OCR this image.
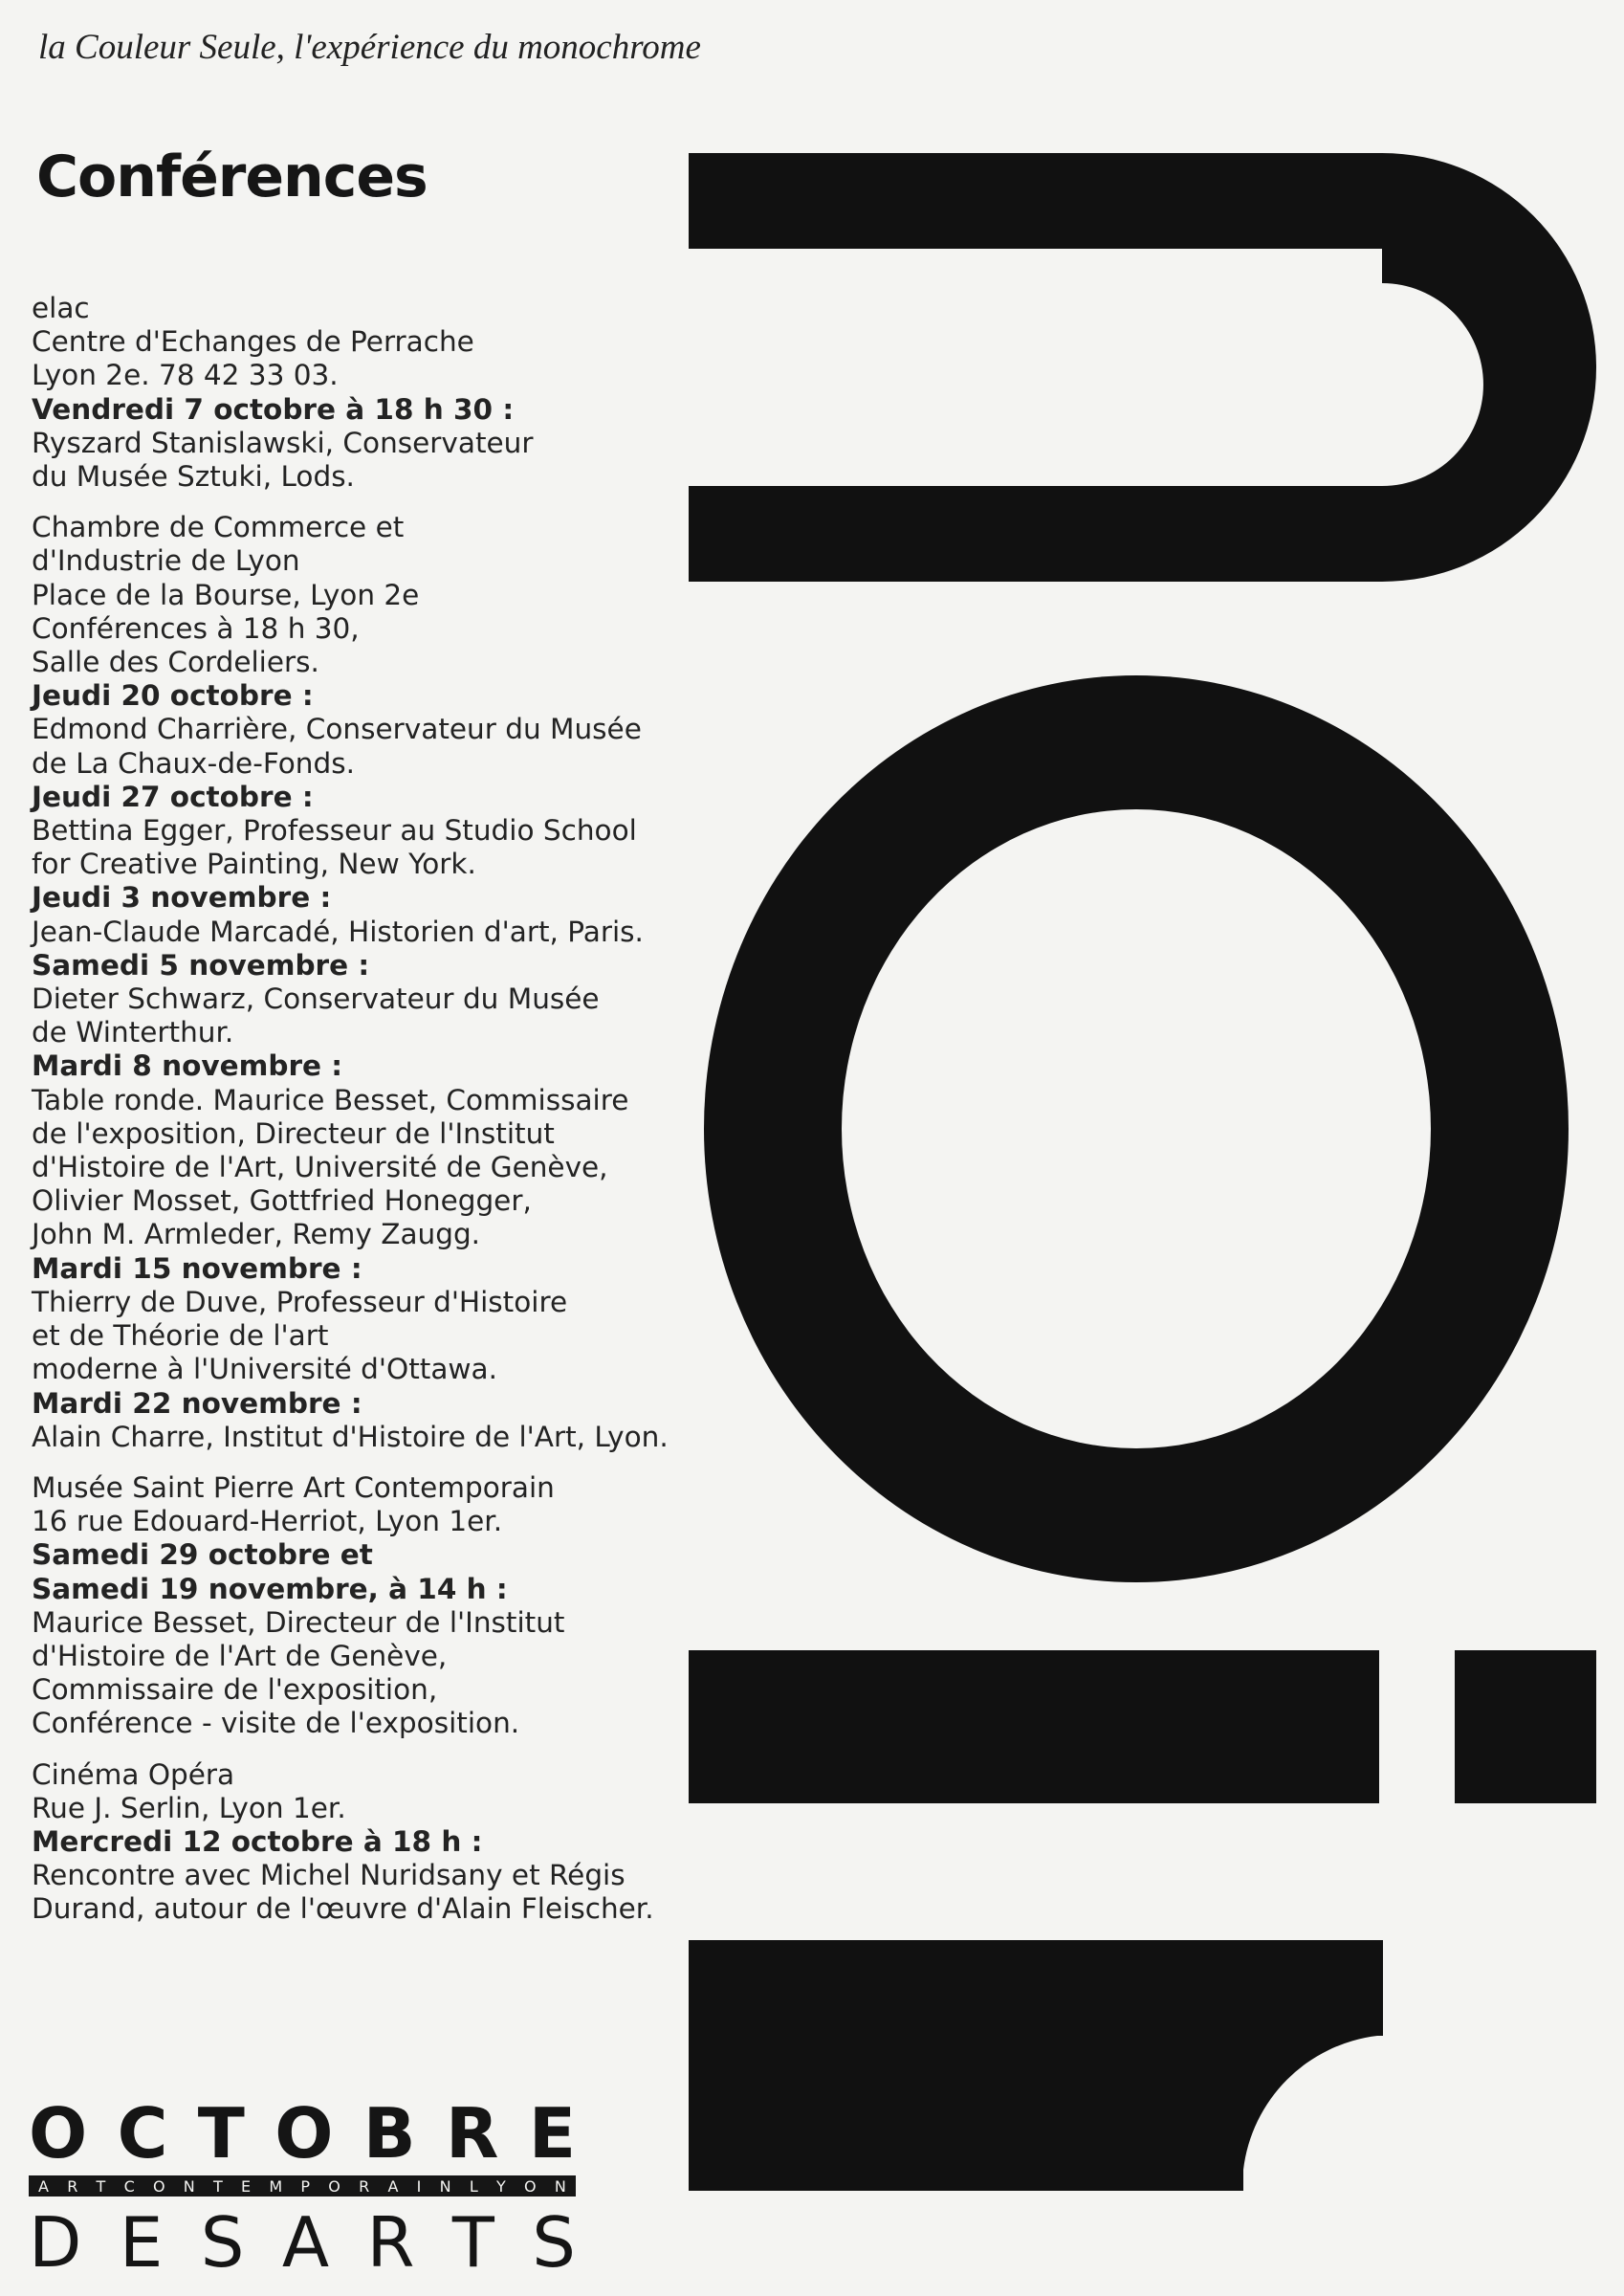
la Couleur Seule, l'expérience du monochrome
Conférences
elac
Centre d'Echanges de Perrache
Lyon 2e. 78 42 33 03.
Vendredi 7 octobre à 18 h 30 :
Ryszard Stanislawski, Conservateur
du Musée Sztuki, Lods.
Chambre de Commerce et
d'Industrie de Lyon
Place de la Bourse, Lyon 2e
Conférences à 18 h 30,
Salle des Cordeliers.
Jeudi 20 octobre :
Edmond Charrière, Conservateur du Musée
de La Chaux-de-Fonds.
Jeudi 27 octobre :
Bettina Egger, Professeur au Studio School
for Creative Painting, New York.
Jeudi 3 novembre :
Jean-Claude Marcadé, Historien d'art, Paris.
Samedi 5 novembre :
Dieter Schwarz, Conservateur du Musée
de Winterthur.
Mardi 8 novembre :
Table ronde. Maurice Besset, Commissaire
de l'exposition, Directeur de l'Institut
d'Histoire de l'Art, Université de Genève,
Olivier Mosset, Gottfried Honegger,
John M. Armleder, Remy Zaugg.
Mardi 15 novembre :
Thierry de Duve, Professeur d'Histoire
et de Théorie de l'art
moderne à l'Université d'Ottawa.
Mardi 22 novembre :
Alain Charre, Institut d'Histoire de l'Art, Lyon.
Musée Saint Pierre Art Contemporain
16 rue Edouard-Herriot, Lyon 1er.
Samedi 29 octobre et
Samedi 19 novembre, à 14 h :
Maurice Besset, Directeur de l'Institut
d'Histoire de l'Art de Genève,
Commissaire de l'exposition,
Conférence - visite de l'exposition.
Cinéma Opéra
Rue J. Serlin, Lyon 1er.
Mercredi 12 octobre à 18 h :
Rencontre avec Michel Nuridsany et Régis
Durand, autour de l'œuvre d'Alain Fleischer.
O C T O B R E
A R T C O N T E M P O R A I N L Y O N
D E S A R T S
